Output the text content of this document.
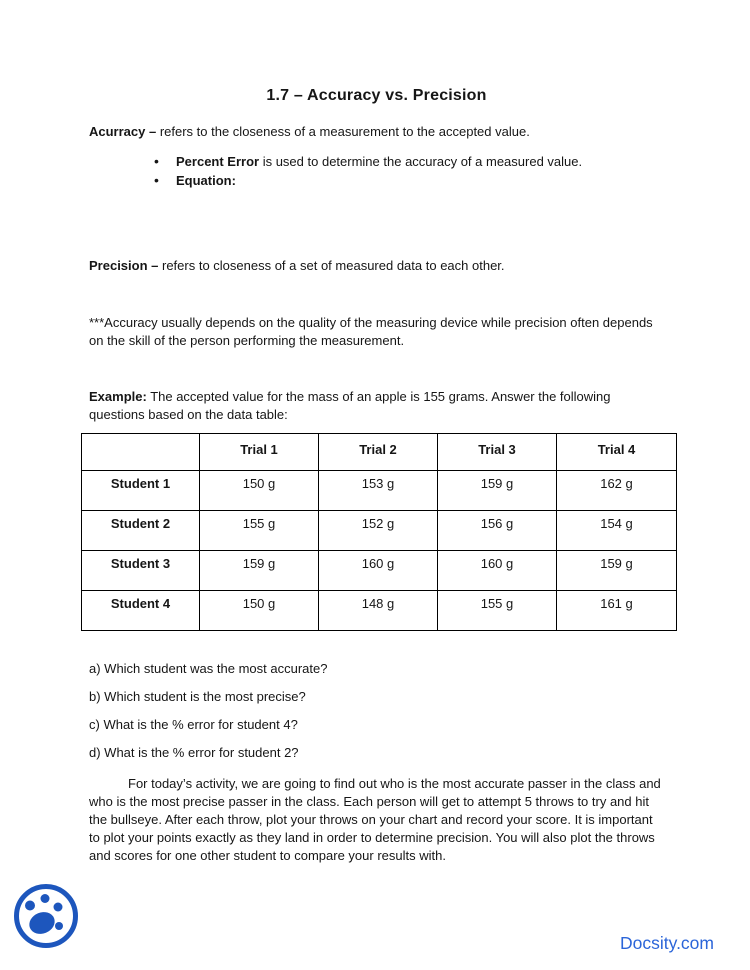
1.7 – Accuracy vs. Precision

Acurracy – refers to the closeness of a measurement to the accepted value.

• Percent Error is used to determine the accuracy of a measured value.
• Equation:

Precision – refers to closeness of a set of measured data to each other.

***Accuracy usually depends on the quality of the measuring device while precision often depends on the skill of the person performing the measurement.

Example: The accepted value for the mass of an apple is 155 grams. Answer the following questions based on the data table:

	Trial 1	Trial 2	Trial 3	Trial 4
Student 1	150 g	153 g	159 g	162 g
Student 2	155 g	152 g	156 g	154 g
Student 3	159 g	160 g	160 g	159 g
Student 4	150 g	148 g	155 g	161 g

a) Which student was the most accurate?

b) Which student is the most precise?

c) What is the % error for student 4?

d) What is the % error for student 2?

For today’s activity, we are going to find out who is the most accurate passer in the class and who is the most precise passer in the class. Each person will get to attempt 5 throws to try and hit the bullseye. After each throw, plot your throws on your chart and record your score. It is important to plot your points exactly as they land in order to determine precision. You will also plot the throws and scores for one other student to compare your results with.

Docsity.com
